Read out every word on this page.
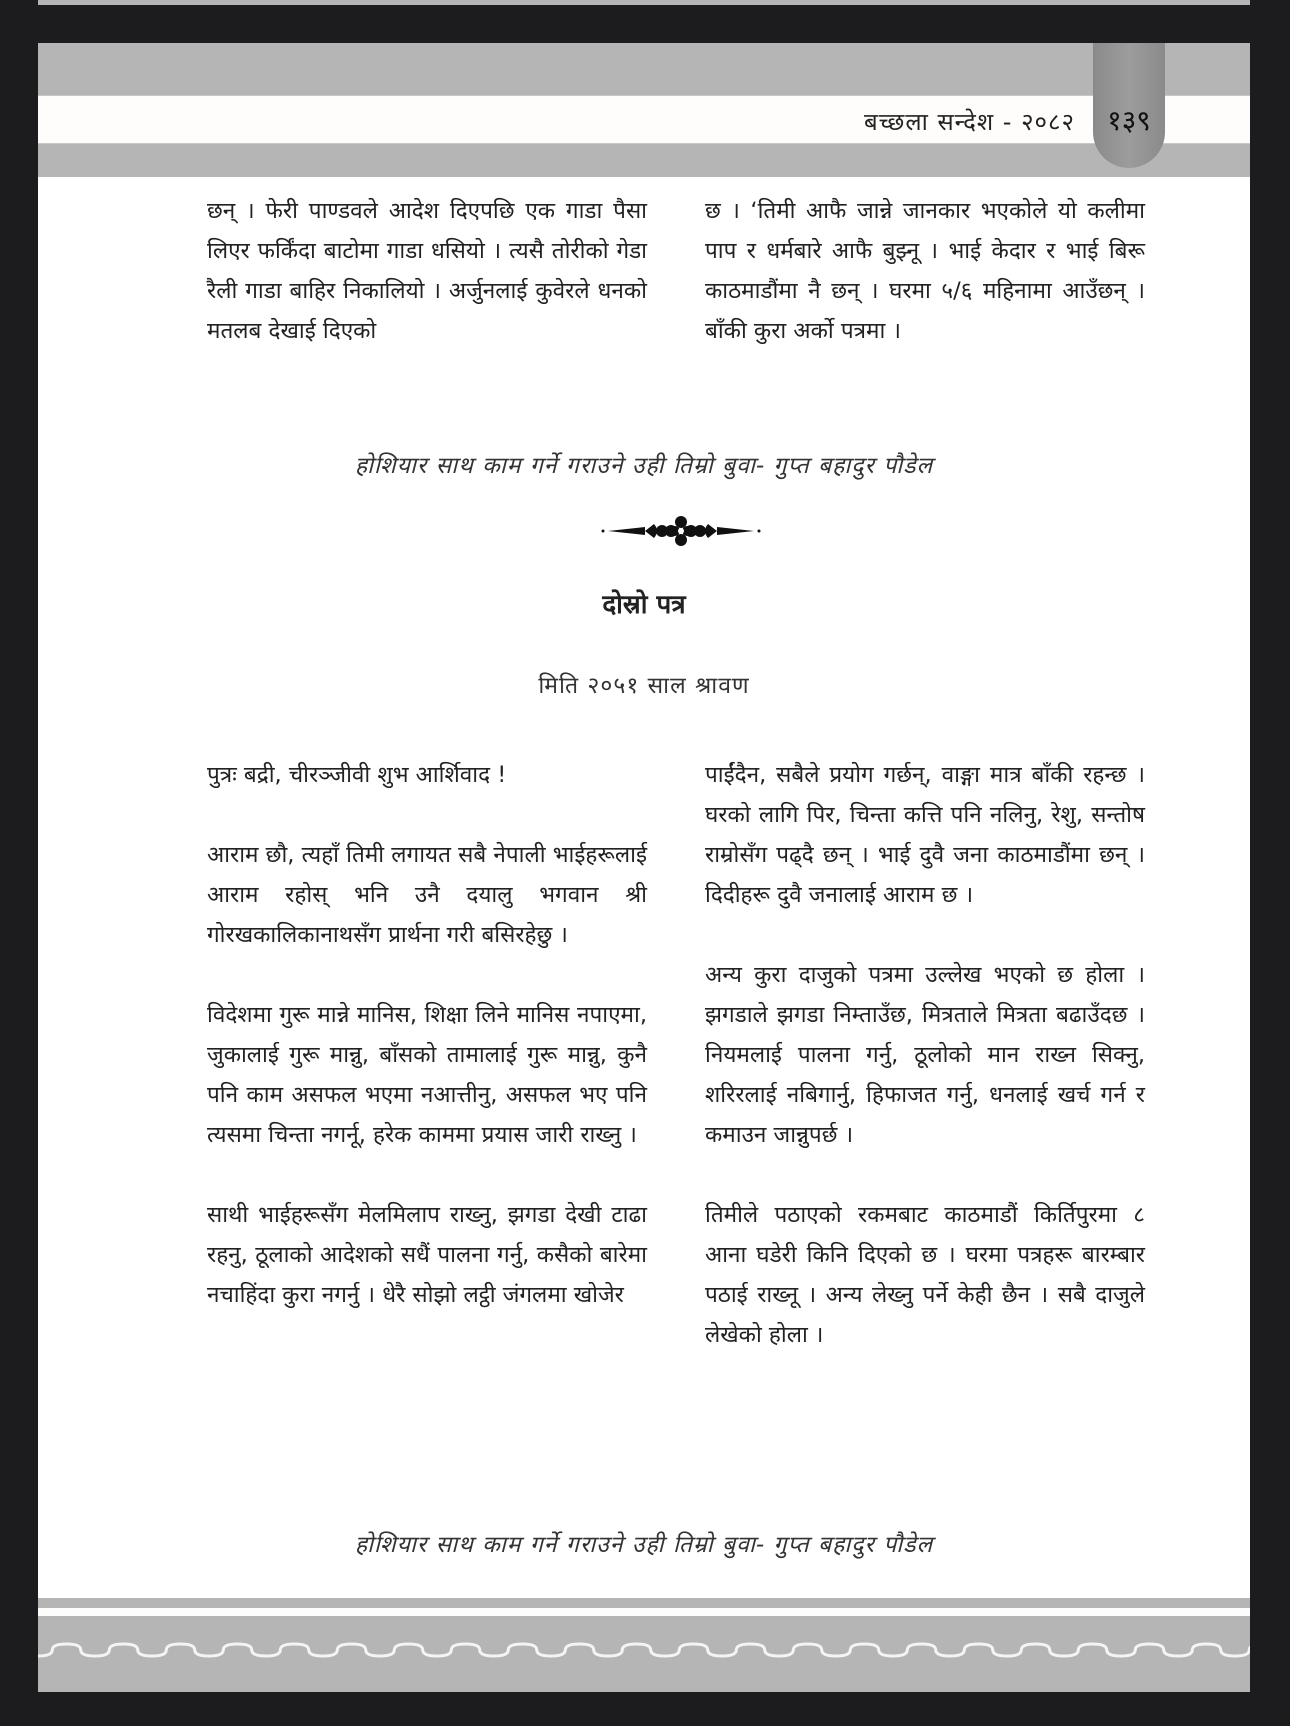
बच्छला सन्देश - २०८२	१३९

छन् । फेरी पाण्डवले आदेश दिएपछि एक गाडा पैसा लिएर फर्किंदा बाटोमा गाडा धसियो । त्यसै तोरीको गेडा रैली गाडा बाहिर निकालियो । अर्जुनलाई कुवेरले धनको मतलब देखाई दिएको

छ । ‘तिमी आफै जान्ने जानकार भएकोले यो कलीमा पाप र धर्मबारे आफै बुझ्नू । भाई केदार र भाई बिरू काठमाडौंमा नै छन् । घरमा ५/६ महिनामा आउँछन् । बाँकी कुरा अर्को पत्रमा ।

होशियार साथ काम गर्ने गराउने उही तिम्रो बुवा- गुप्त बहादुर पौडेल
दोस्रो पत्र
मिति २०५१ साल श्रावण

पुत्रः बद्री, चीरञ्जीवी शुभ आर्शिवाद !

आराम छौ, त्यहाँ तिमी लगायत सबै नेपाली भाईहरूलाई आराम रहोस् भनि उनै दयालु भगवान श्री गोरखकालिकानाथसँग प्रार्थना गरी बसिरहेछु ।

विदेशमा गुरू मान्ने मानिस, शिक्षा लिने मानिस नपाएमा, जुकालाई गुरू मान्नु, बाँसको तामालाई गुरू मान्नु, कुनै पनि काम असफल भएमा नआत्तीनु, असफल भए पनि त्यसमा चिन्ता नगर्नू, हरेक काममा प्रयास जारी राख्नु ।

साथी भाईहरूसँग मेलमिलाप राख्नु, झगडा देखी टाढा रहनु, ठूलाको आदेशको सधैं पालना गर्नु, कसैको बारेमा नचाहिंदा कुरा नगर्नु । धेरै सोझो लट्ठी जंगलमा खोजेर

पाईंदैन, सबैले प्रयोग गर्छन्, वाङ्गा मात्र बाँकी रहन्छ । घरको लागि पिर, चिन्ता कत्ति पनि नलिनु, रेशु, सन्तोष राम्रोसँग पढ्दै छन् । भाई दुवै जना काठमाडौंमा छन् । दिदीहरू दुवै जनालाई आराम छ ।

अन्य कुरा दाजुको पत्रमा उल्लेख भएको छ होला । झगडाले झगडा निम्ताउँछ, मित्रताले मित्रता बढाउँदछ । नियमलाई पालना गर्नु, ठूलोको मान राख्न सिक्नु, शरिरलाई नबिगार्नु, हिफाजत गर्नु, धनलाई खर्च गर्न र कमाउन जान्नुपर्छ ।

तिमीले पठाएको रकमबाट काठमाडौं किर्तिपुरमा ८ आना घडेरी किनि दिएको छ । घरमा पत्रहरू बारम्बार पठाई राख्नू । अन्य लेख्नु पर्ने केही छैन । सबै दाजुले लेखेको होला ।

होशियार साथ काम गर्ने गराउने उही तिम्रो बुवा- गुप्त बहादुर पौडेल
